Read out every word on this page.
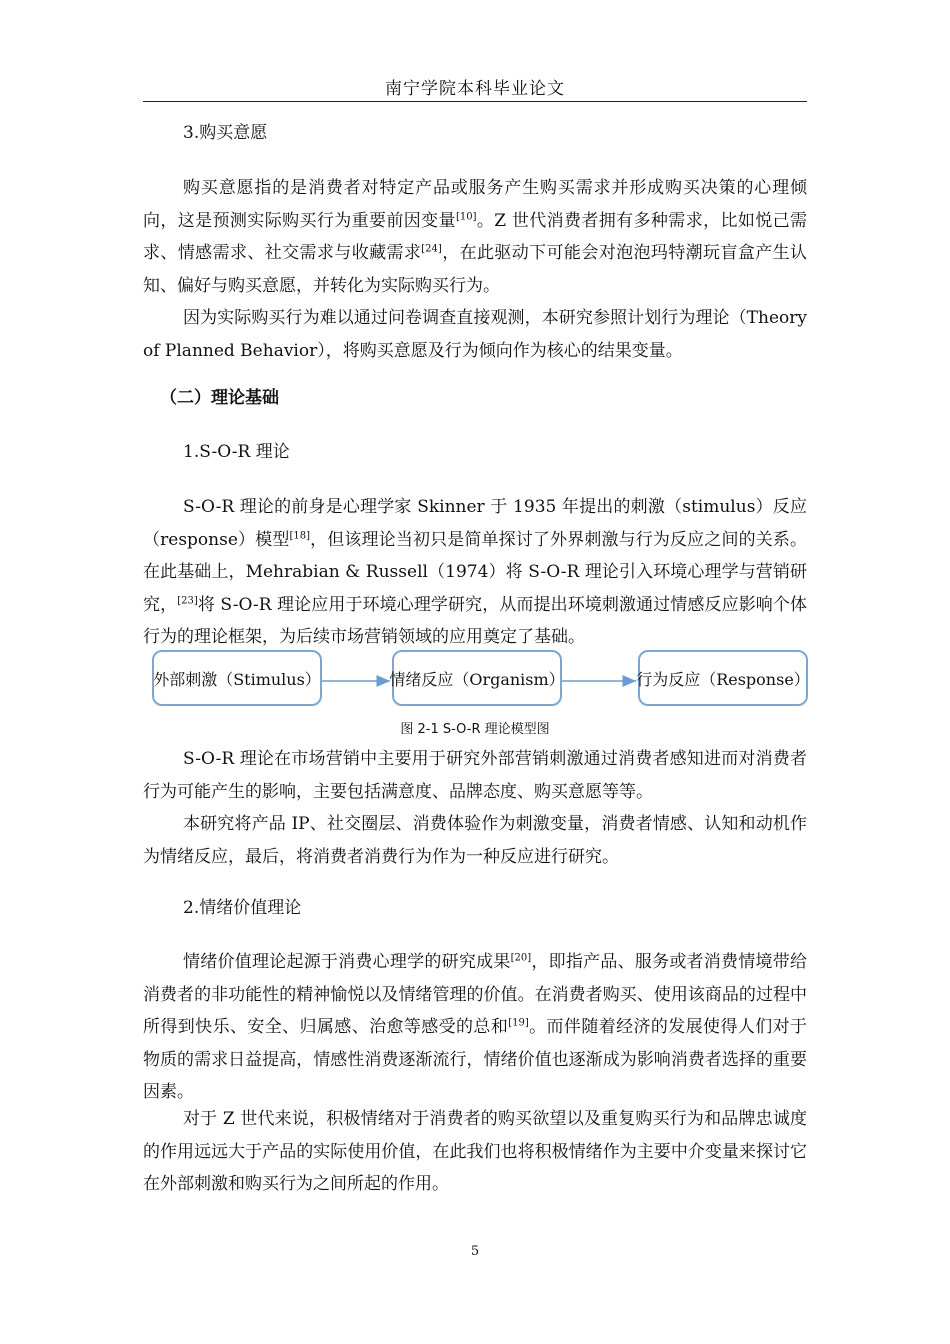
南宁学院本科毕业论文
3.购买意愿

购买意愿指的是消费者对特定产品或服务产生购买需求并形成购买决策的心理倾向，这是预测实际购买行为重要前因变量[10]。Z 世代消费者拥有多种需求，比如悦己需求、情感需求、社交需求与收藏需求[24]，在此驱动下可能会对泡泡玛特潮玩盲盒产生认知、偏好与购买意愿，并转化为实际购买行为。

因为实际购买行为难以通过问卷调查直接观测，本研究参照计划行为理论（Theory of Planned Behavior），将购买意愿及行为倾向作为核心的结果变量。

（二）理论基础
1.S-O-R 理论

S-O-R 理论的前身是心理学家 Skinner 于 1935 年提出的刺激（stimulus）反应（response）模型[18]，但该理论当初只是简单探讨了外界刺激与行为反应之间的关系。在此基础上，Mehrabian & Russell（1974）将 S-O-R 理论引入环境心理学与营销研究，[23]将 S-O-R 理论应用于环境心理学研究，从而提出环境刺激通过情感反应影响个体行为的理论框架，为后续市场营销领域的应用奠定了基础。

外部刺激（Stimulus）	情绪反应（Organism）	行为反应（Response）
图 2-1 S-O-R 理论模型图

S-O-R 理论在市场营销中主要用于研究外部营销刺激通过消费者感知进而对消费者行为可能产生的影响，主要包括满意度、品牌态度、购买意愿等等。

本研究将产品 IP、社交圈层、消费体验作为刺激变量，消费者情感、认知和动机作为情绪反应，最后，将消费者消费行为作为一种反应进行研究。

2.情绪价值理论

情绪价值理论起源于消费心理学的研究成果[20]，即指产品、服务或者消费情境带给消费者的非功能性的精神愉悦以及情绪管理的价值。在消费者购买、使用该商品的过程中所得到快乐、安全、归属感、治愈等感受的总和[19]。而伴随着经济的发展使得人们对于物质的需求日益提高，情感性消费逐渐流行，情绪价值也逐渐成为影响消费者选择的重要因素。

对于 Z 世代来说，积极情绪对于消费者的购买欲望以及重复购买行为和品牌忠诚度的作用远远大于产品的实际使用价值，在此我们也将积极情绪作为主要中介变量来探讨它在外部刺激和购买行为之间所起的作用。

5
